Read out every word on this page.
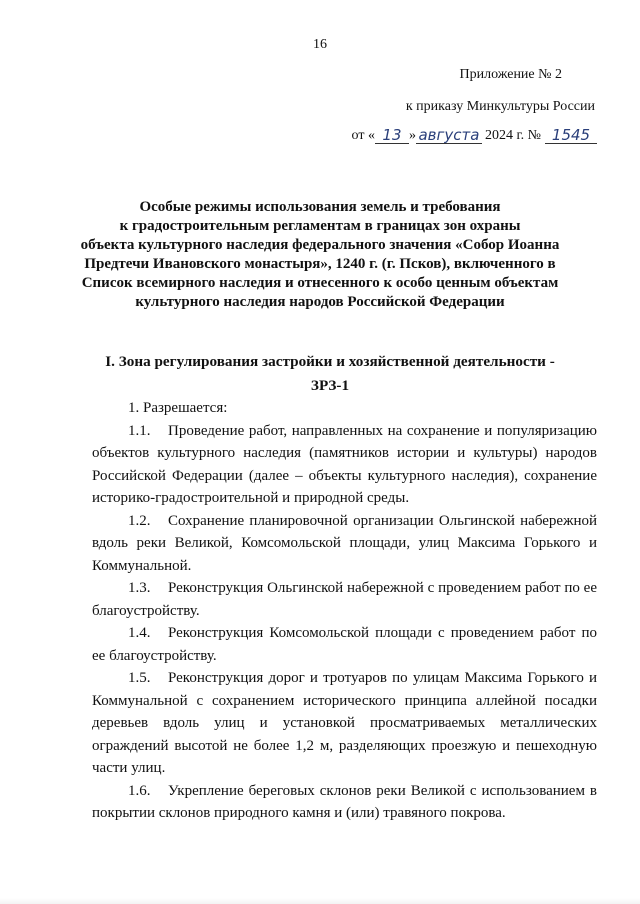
16
Приложение № 2
к приказу Минкультуры России
от « 13 » августа 2024 г. № 1545
Особые режимы использования земель и требования
к градостроительным регламентам в границах зон охраны
объекта культурного наследия федерального значения «Собор Иоанна
Предтечи Ивановского монастыря», 1240 г. (г. Псков), включенного в
Список всемирного наследия и отнесенного к особо ценным объектам
культурного наследия народов Российской Федерации
I. Зона регулирования застройки и хозяйственной деятельности -
ЗРЗ-1

1. Разрешается:

1.1. Проведение работ, направленных на сохранение и популяризацию объектов культурного наследия (памятников истории и культуры) народов Российской Федерации (далее – объекты культурного наследия), сохранение историко-градостроительной и природной среды.

1.2. Сохранение планировочной организации Ольгинской набережной вдоль реки Великой, Комсомольской площади, улиц Максима Горького и Коммунальной.

1.3. Реконструкция Ольгинской набережной с проведением работ по ее благоустройству.

1.4. Реконструкция Комсомольской площади с проведением работ по ее благоустройству.

1.5. Реконструкция дорог и тротуаров по улицам Максима Горького и Коммунальной с сохранением исторического принципа аллейной посадки деревьев вдоль улиц и установкой просматриваемых металлических ограждений высотой не более 1,2 м, разделяющих проезжую и пешеходную части улиц.

1.6. Укрепление береговых склонов реки Великой с использованием в покрытии склонов природного камня и (или) травяного покрова.
